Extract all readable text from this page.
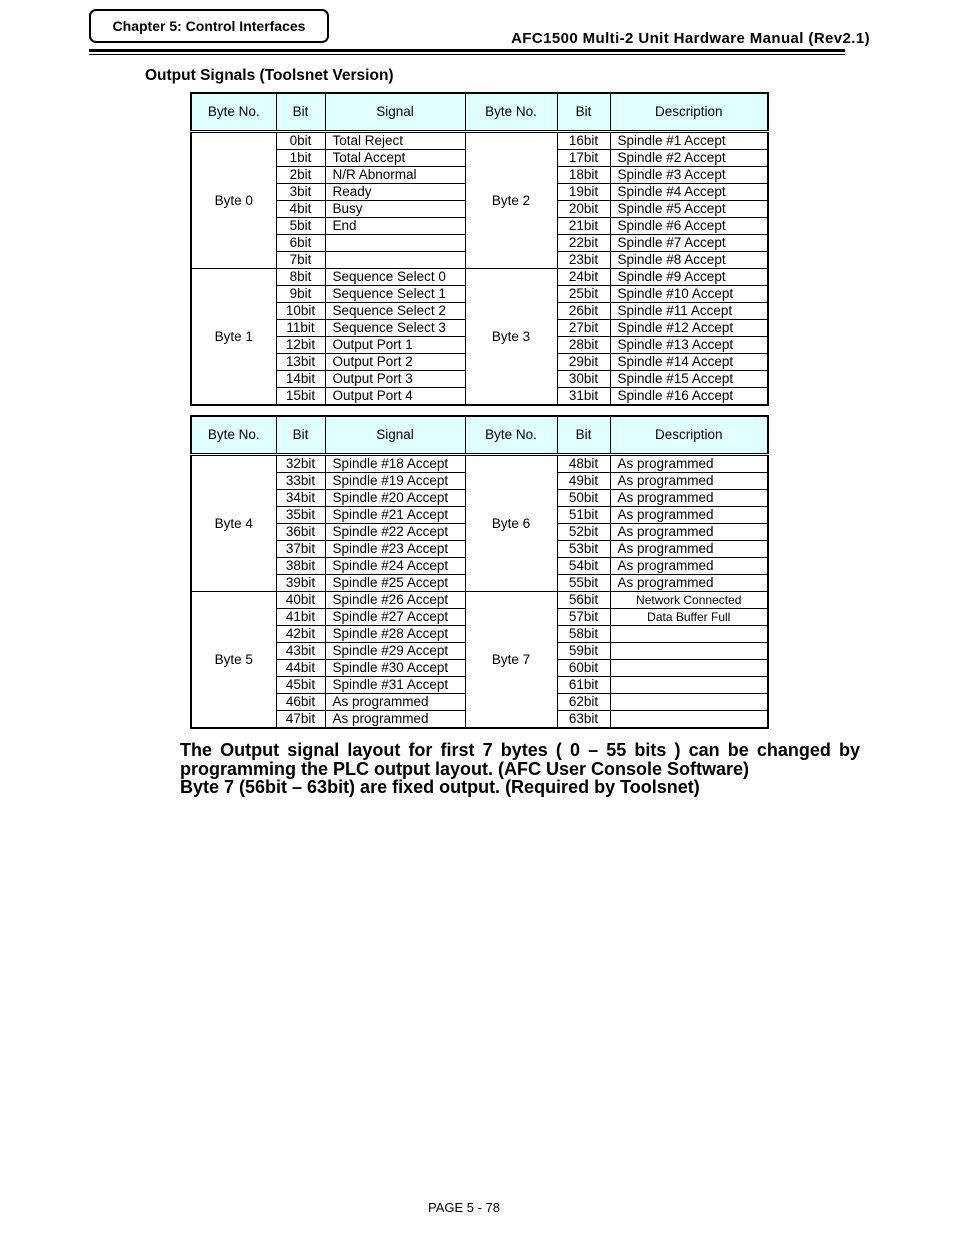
Chapter 5: Control Interfaces
AFC1500 Multi-2 Unit Hardware Manual (Rev2.1)
Output Signals (Toolsnet Version)
Byte No.	Bit	Signal	Byte No.	Bit	Description
Byte 0	0bit	Total Reject	Byte 2	16bit	Spindle #1 Accept
	1bit	Total Accept		17bit	Spindle #2 Accept
	2bit	N/R Abnormal		18bit	Spindle #3 Accept
	3bit	Ready		19bit	Spindle #4 Accept
	4bit	Busy		20bit	Spindle #5 Accept
	5bit	End		21bit	Spindle #6 Accept
	6bit			22bit	Spindle #7 Accept
	7bit			23bit	Spindle #8 Accept
Byte 1	8bit	Sequence Select 0	Byte 3	24bit	Spindle #9 Accept
	9bit	Sequence Select 1		25bit	Spindle #10 Accept
	10bit	Sequence Select 2		26bit	Spindle #11 Accept
	11bit	Sequence Select 3		27bit	Spindle #12 Accept
	12bit	Output Port 1		28bit	Spindle #13 Accept
	13bit	Output Port 2		29bit	Spindle #14 Accept
	14bit	Output Port 3		30bit	Spindle #15 Accept
	15bit	Output Port 4		31bit	Spindle #16 Accept
Byte No.	Bit	Signal	Byte No.	Bit	Description
Byte 4	32bit	Spindle #18 Accept	Byte 6	48bit	As programmed
	33bit	Spindle #19 Accept		49bit	As programmed
	34bit	Spindle #20 Accept		50bit	As programmed
	35bit	Spindle #21 Accept		51bit	As programmed
	36bit	Spindle #22 Accept		52bit	As programmed
	37bit	Spindle #23 Accept		53bit	As programmed
	38bit	Spindle #24 Accept		54bit	As programmed
	39bit	Spindle #25 Accept		55bit	As programmed
Byte 5	40bit	Spindle #26 Accept	Byte 7	56bit	Network Connected
	41bit	Spindle #27 Accept		57bit	Data Buffer Full
	42bit	Spindle #28 Accept		58bit	
	43bit	Spindle #29 Accept		59bit	
	44bit	Spindle #30 Accept		60bit	
	45bit	Spindle #31 Accept		61bit	
	46bit	As programmed		62bit	
	47bit	As programmed		63bit	
The Output signal layout for first 7 bytes ( 0 – 55 bits ) can be changed by
programming the PLC output layout. (AFC User Console Software)
Byte 7 (56bit – 63bit) are fixed output. (Required by Toolsnet)
PAGE 5 - 78
